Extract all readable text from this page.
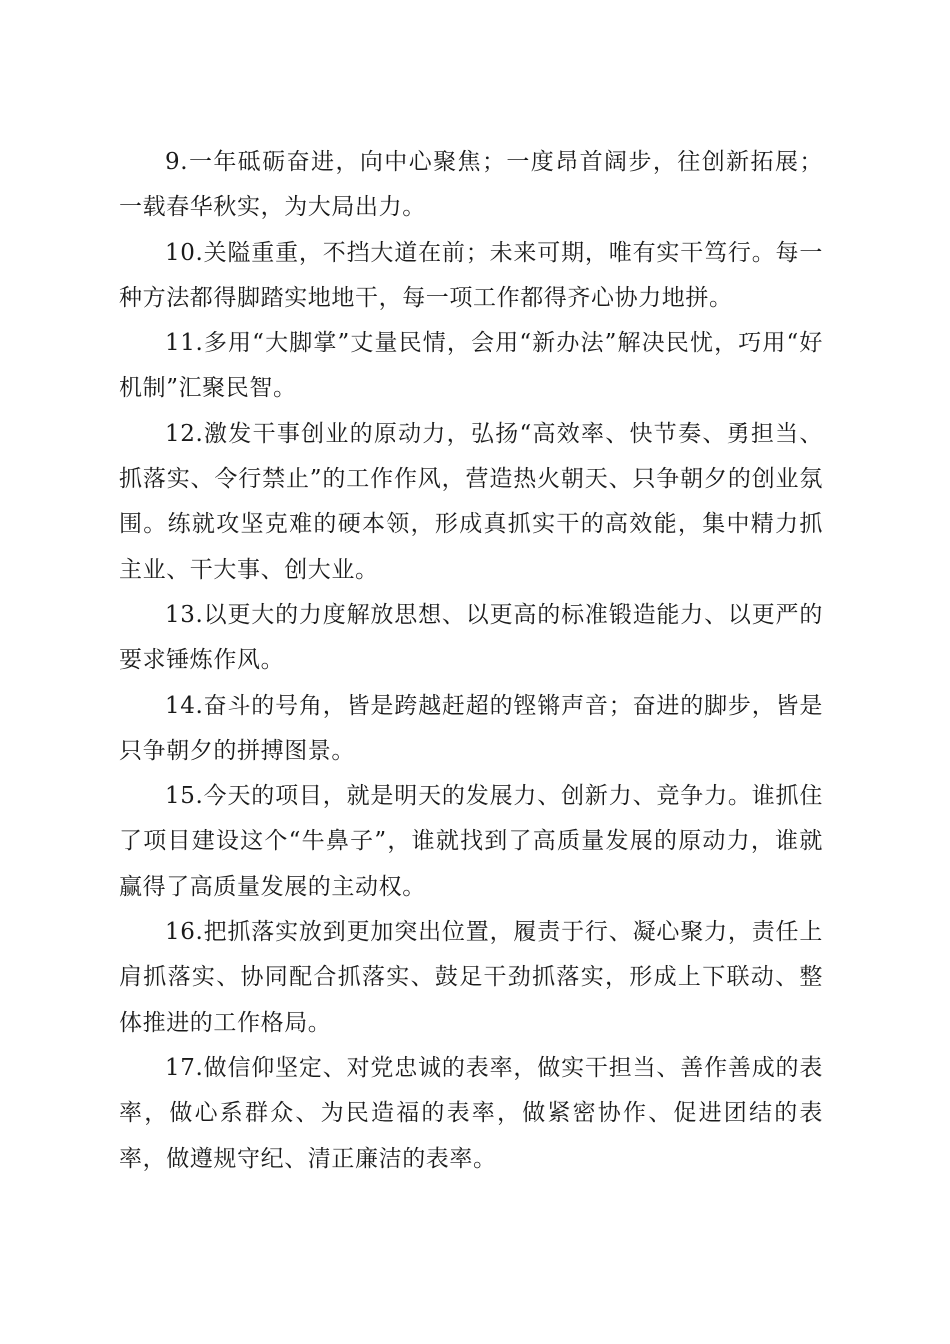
9.一年砥砺奋进，向中心聚焦；一度昂首阔步，往创新拓展；一载春华秋实，为大局出力。

10.关隘重重，不挡大道在前；未来可期，唯有实干笃行。每一种方法都得脚踏实地地干，每一项工作都得齐心协力地拼。

11.多用“大脚掌”丈量民情，会用“新办法”解决民忧，巧用“好机制”汇聚民智。

12.激发干事创业的原动力，弘扬“高效率、快节奏、勇担当、抓落实、令行禁止”的工作作风，营造热火朝天、只争朝夕的创业氛围。练就攻坚克难的硬本领，形成真抓实干的高效能，集中精力抓主业、干大事、创大业。

13.以更大的力度解放思想、以更高的标准锻造能力、以更严的要求锤炼作风。

14.奋斗的号角，皆是跨越赶超的铿锵声音；奋进的脚步，皆是只争朝夕的拼搏图景。

15.今天的项目，就是明天的发展力、创新力、竞争力。谁抓住了项目建设这个“牛鼻子”，谁就找到了高质量发展的原动力，谁就赢得了高质量发展的主动权。

16.把抓落实放到更加突出位置，履责于行、凝心聚力，责任上肩抓落实、协同配合抓落实、鼓足干劲抓落实，形成上下联动、整体推进的工作格局。

17.做信仰坚定、对党忠诚的表率，做实干担当、善作善成的表率，做心系群众、为民造福的表率，做紧密协作、促进团结的表率，做遵规守纪、清正廉洁的表率。
